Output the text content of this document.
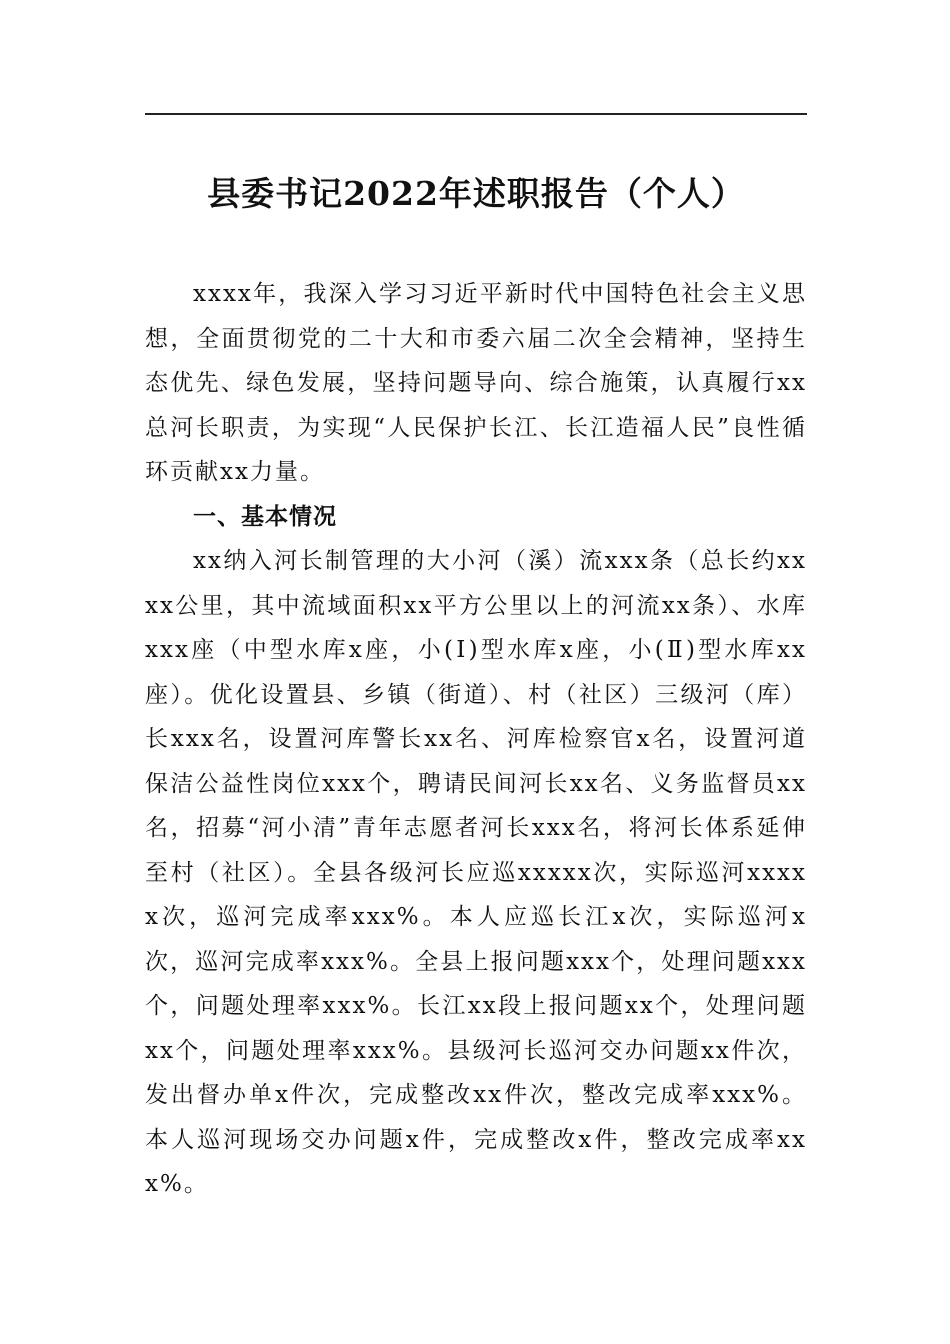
县委书记2022年述职报告（个人）

xxxx年，我深入学习习近平新时代中国特色社会主义思想，全面贯彻党的二十大和市委六届二次全会精神，坚持生态优先、绿色发展，坚持问题导向、综合施策，认真履行xx总河长职责，为实现“人民保护长江、长江造福人民”良性循环贡献xx力量。

一、基本情况

xx纳入河长制管理的大小河（溪）流xxx条（总长约xxxx公里，其中流域面积xx平方公里以上的河流xx条）、水库xxx座（中型水库x座，小(Ⅰ)型水库x座，小(Ⅱ)型水库xx座）。优化设置县、乡镇（街道）、村（社区）三级河（库）长xxx名，设置河库警长xx名、河库检察官x名，设置河道保洁公益性岗位xxx个，聘请民间河长xx名、义务监督员xx名，招募“河小清”青年志愿者河长xxx名，将河长体系延伸至村（社区）。全县各级河长应巡xxxxx次，实际巡河xxxxx次，巡河完成率xxx%。本人应巡长江x次，实际巡河x次，巡河完成率xxx%。全县上报问题xxx个，处理问题xxx个，问题处理率xxx%。长江xx段上报问题xx个，处理问题xx个，问题处理率xxx%。县级河长巡河交办问题xx件次，发出督办单x件次，完成整改xx件次，整改完成率xxx%。本人巡河现场交办问题x件，完成整改x件，整改完成率xxx%。
